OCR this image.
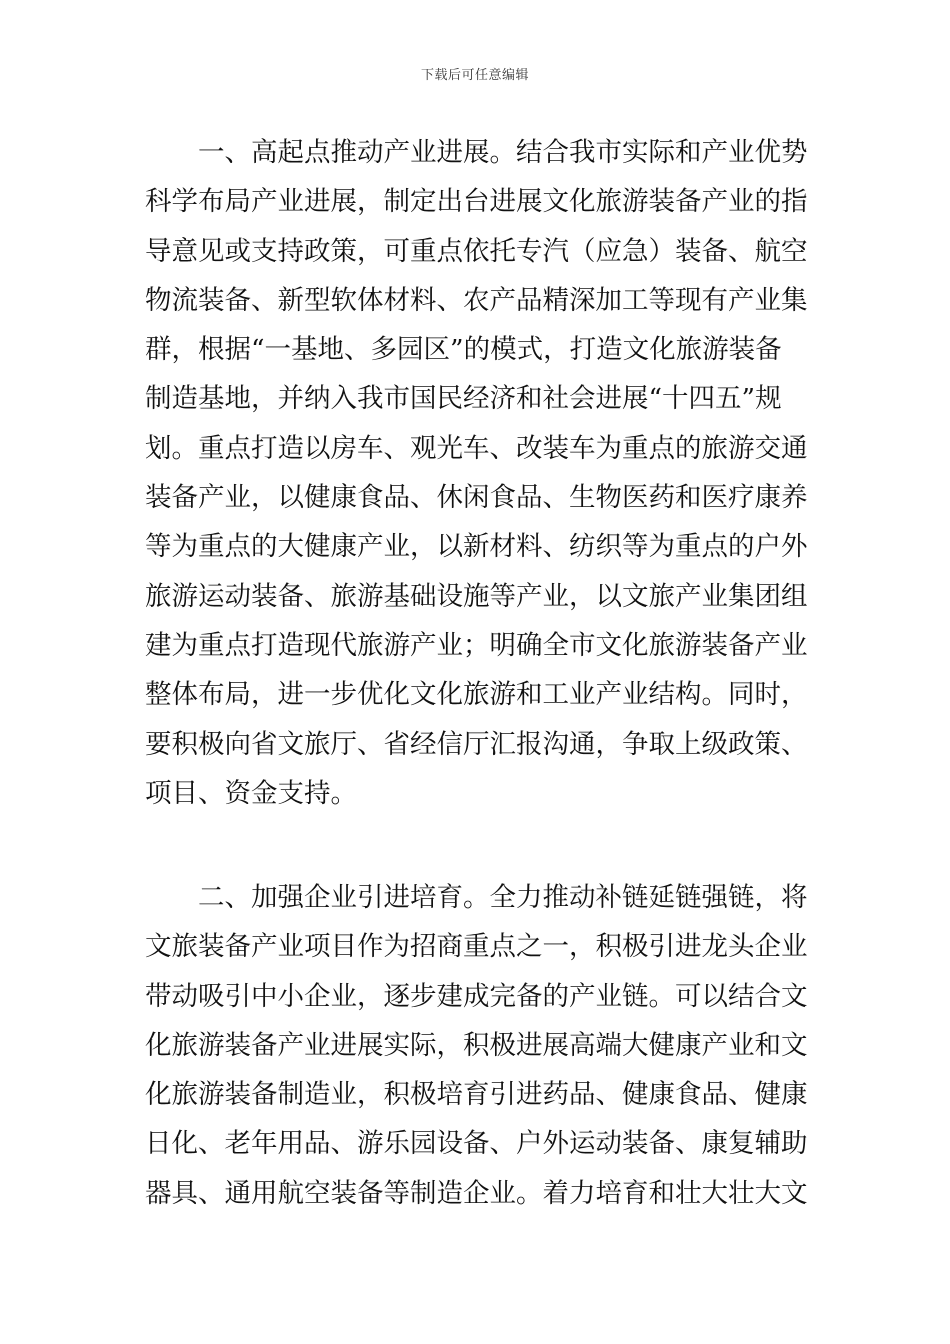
下载后可任意编辑
一、高起点推动产业进展。结合我市实际和产业优势
科学布局产业进展，制定出台进展文化旅游装备产业的指
导意见或支持政策，可重点依托专汽（应急）装备、航空
物流装备、新型软体材料、农产品精深加工等现有产业集
群，根据“一基地、多园区”的模式，打造文化旅游装备
制造基地，并纳入我市国民经济和社会进展“十四五”规
划。重点打造以房车、观光车、改装车为重点的旅游交通
装备产业，以健康食品、休闲食品、生物医药和医疗康养
等为重点的大健康产业，以新材料、纺织等为重点的户外
旅游运动装备、旅游基础设施等产业，以文旅产业集团组
建为重点打造现代旅游产业；明确全市文化旅游装备产业
整体布局，进一步优化文化旅游和工业产业结构。同时，
要积极向省文旅厅、省经信厅汇报沟通，争取上级政策、
项目、资金支持。
二、加强企业引进培育。全力推动补链延链强链，将
文旅装备产业项目作为招商重点之一，积极引进龙头企业
带动吸引中小企业，逐步建成完备的产业链。可以结合文
化旅游装备产业进展实际，积极进展高端大健康产业和文
化旅游装备制造业，积极培育引进药品、健康食品、健康
日化、老年用品、游乐园设备、户外运动装备、康复辅助
器具、通用航空装备等制造企业。着力培育和壮大壮大文
